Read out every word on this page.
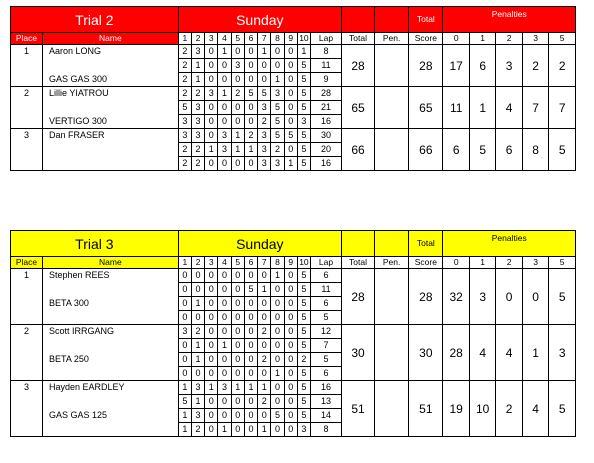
Trial 2		Sunday													Total	Penalties				
Place	Name	1	2	3	4	5	6	7	8	9	10	Lap	Total	Pen.	Score	0	1	2	3	5
1	Aaron LONG	2	3	0	1	0	0	1	0	0	1	8	28		28	17	6	3	2	2
		2	1	0	0	3	0	0	0	0	5	11								
	GAS GAS 300	2	1	0	0	0	0	0	1	0	5	9								
2	Lillie YIATROU	2	2	3	1	2	5	5	3	0	5	28	65		65	11	1	4	7	7
		5	3	0	0	0	0	3	5	0	5	21								
	VERTIGO 300	3	3	0	0	0	0	2	5	0	3	16								
3	Dan FRASER	3	3	0	3	1	2	3	5	5	5	30	66		66	6	5	6	8	5
		2	2	1	3	1	1	3	2	0	5	20								
		2	2	0	0	0	0	3	3	1	5	16								
Trial 3		Sunday													Total	Penalties				
Place	Name	1	2	3	4	5	6	7	8	9	10	Lap	Total	Pen.	Score	0	1	2	3	5
1	Stephen REES	0	0	0	0	0	0	0	1	0	5	6	28		28	32	3	0	0	5
		0	0	0	0	0	5	1	0	0	5	11								
	BETA 300	0	1	0	0	0	0	0	0	0	5	6								
		0	0	0	0	0	0	0	0	0	5	5								
2	Scott IRRGANG	3	2	0	0	0	0	2	0	0	5	12	30		30	28	4	4	1	3
		0	1	0	1	0	0	0	0	0	5	7								
	BETA 250	0	1	0	0	0	0	2	0	0	2	5								
		0	0	0	0	0	0	0	1	0	5	6								
3	Hayden EARDLEY	1	3	1	3	1	1	1	0	0	5	16	51		51	19	10	2	4	5
		5	1	0	0	0	0	2	0	0	5	13								
	GAS GAS 125	1	3	0	0	0	0	0	5	0	5	14								
		1	2	0	1	0	0	1	0	0	3	8								
